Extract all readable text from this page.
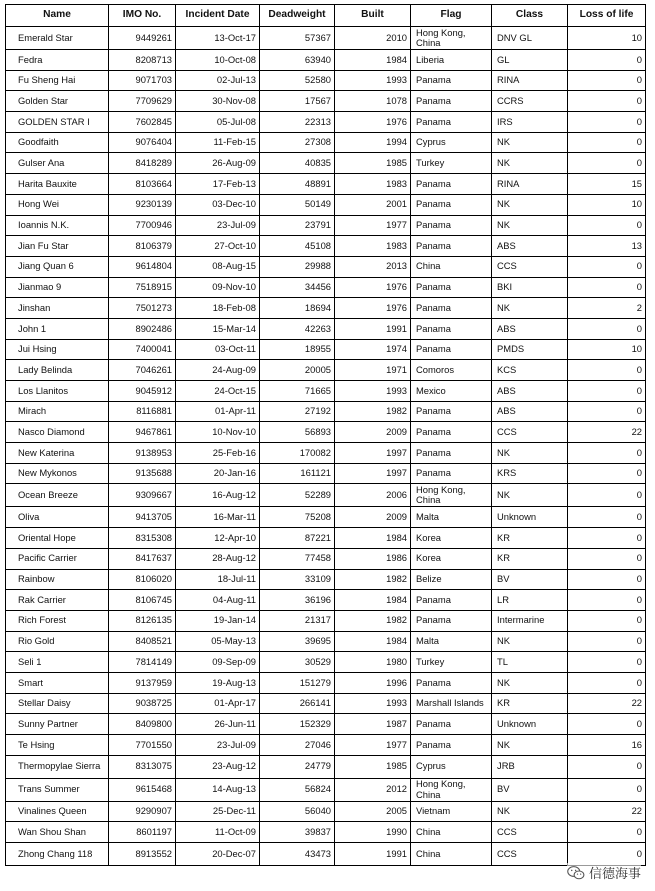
Name	IMO No.	Incident Date	Deadweight	Built	Flag	Class	Loss of life
Emerald Star	9449261	13-Oct-17	57367	2010	Hong Kong, China	DNV GL	10
Fedra	8208713	10-Oct-08	63940	1984	Liberia	GL	0
Fu Sheng Hai	9071703	02-Jul-13	52580	1993	Panama	RINA	0
Golden Star	7709629	30-Nov-08	17567	1078	Panama	CCRS	0
GOLDEN STAR I	7602845	05-Jul-08	22313	1976	Panama	IRS	0
Goodfaith	9076404	11-Feb-15	27308	1994	Cyprus	NK	0
Gulser Ana	8418289	26-Aug-09	40835	1985	Turkey	NK	0
Harita Bauxite	8103664	17-Feb-13	48891	1983	Panama	RINA	15
Hong Wei	9230139	03-Dec-10	50149	2001	Panama	NK	10
Ioannis N.K.	7700946	23-Jul-09	23791	1977	Panama	NK	0
Jian Fu Star	8106379	27-Oct-10	45108	1983	Panama	ABS	13
Jiang Quan 6	9614804	08-Aug-15	29988	2013	China	CCS	0
Jianmao 9	7518915	09-Nov-10	34456	1976	Panama	BKI	0
Jinshan	7501273	18-Feb-08	18694	1976	Panama	NK	2
John 1	8902486	15-Mar-14	42263	1991	Panama	ABS	0
Jui Hsing	7400041	03-Oct-11	18955	1974	Panama	PMDS	10
Lady Belinda	7046261	24-Aug-09	20005	1971	Comoros	KCS	0
Los Llanitos	9045912	24-Oct-15	71665	1993	Mexico	ABS	0
Mirach	8116881	01-Apr-11	27192	1982	Panama	ABS	0
Nasco Diamond	9467861	10-Nov-10	56893	2009	Panama	CCS	22
New Katerina	9138953	25-Feb-16	170082	1997	Panama	NK	0
New Mykonos	9135688	20-Jan-16	161121	1997	Panama	KRS	0
Ocean Breeze	9309667	16-Aug-12	52289	2006	Hong Kong, China	NK	0
Oliva	9413705	16-Mar-11	75208	2009	Malta	Unknown	0
Oriental Hope	8315308	12-Apr-10	87221	1984	Korea	KR	0
Pacific Carrier	8417637	28-Aug-12	77458	1986	Korea	KR	0
Rainbow	8106020	18-Jul-11	33109	1982	Belize	BV	0
Rak Carrier	8106745	04-Aug-11	36196	1984	Panama	LR	0
Rich Forest	8126135	19-Jan-14	21317	1982	Panama	Intermarine	0
Rio Gold	8408521	05-May-13	39695	1984	Malta	NK	0
Seli 1	7814149	09-Sep-09	30529	1980	Turkey	TL	0
Smart	9137959	19-Aug-13	151279	1996	Panama	NK	0
Stellar Daisy	9038725	01-Apr-17	266141	1993	Marshall Islands	KR	22
Sunny Partner	8409800	26-Jun-11	152329	1987	Panama	Unknown	0
Te Hsing	7701550	23-Jul-09	27046	1977	Panama	NK	16
Thermopylae Sierra	8313075	23-Aug-12	24779	1985	Cyprus	JRB	0
Trans Summer	9615468	14-Aug-13	56824	2012	Hong Kong, China	BV	0
Vinalines Queen	9290907	25-Dec-11	56040	2005	Vietnam	NK	22
Wan Shou Shan	8601197	11-Oct-09	39837	1990	China	CCS	0
Zhong Chang 118	8913552	20-Dec-07	43473	1991	China	CCS	0
信德海事
